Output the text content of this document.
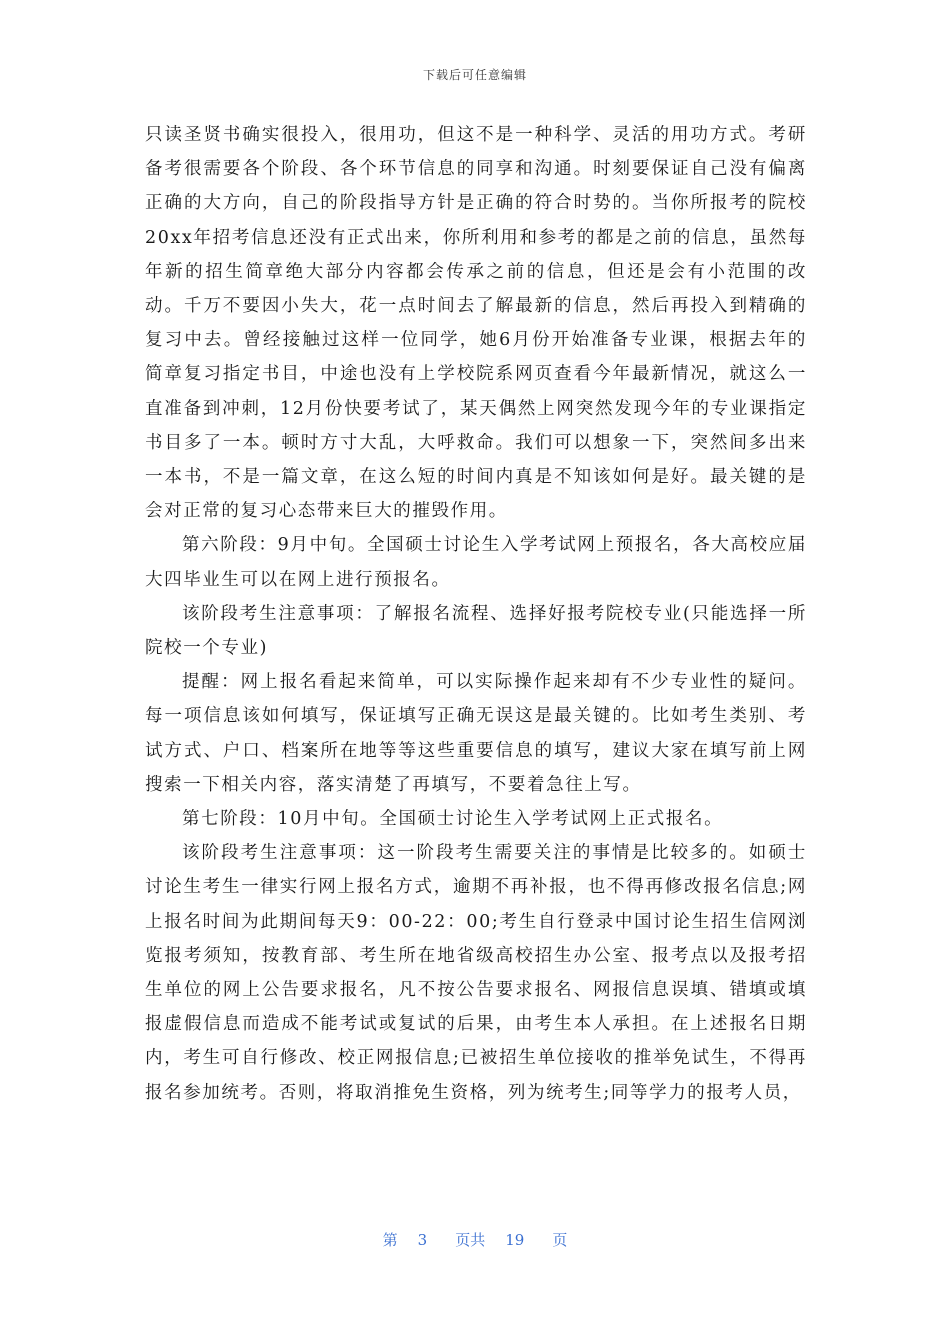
下载后可任意编辑

只读圣贤书确实很投入，很用功，但这不是一种科学、灵活的用功方式。考研备考很需要各个阶段、各个环节信息的同享和沟通。时刻要保证自己没有偏离正确的大方向，自己的阶段指导方针是正确的符合时势的。当你所报考的院校20xx年招考信息还没有正式出来，你所利用和参考的都是之前的信息，虽然每年新的招生简章绝大部分内容都会传承之前的信息，但还是会有小范围的改动。千万不要因小失大，花一点时间去了解最新的信息，然后再投入到精确的复习中去。曾经接触过这样一位同学，她6月份开始准备专业课，根据去年的简章复习指定书目，中途也没有上学校院系网页查看今年最新情况，就这么一直准备到冲刺，12月份快要考试了，某天偶然上网突然发现今年的专业课指定书目多了一本。顿时方寸大乱，大呼救命。我们可以想象一下，突然间多出来一本书，不是一篇文章，在这么短的时间内真是不知该如何是好。最关键的是会对正常的复习心态带来巨大的摧毁作用。

第六阶段：9月中旬。全国硕士讨论生入学考试网上预报名，各大高校应届大四毕业生可以在网上进行预报名。

该阶段考生注意事项：了解报名流程、选择好报考院校专业(只能选择一所院校一个专业)

提醒：网上报名看起来简单，可以实际操作起来却有不少专业性的疑问。每一项信息该如何填写，保证填写正确无误这是最关键的。比如考生类别、考试方式、户口、档案所在地等等这些重要信息的填写，建议大家在填写前上网搜索一下相关内容，落实清楚了再填写，不要着急往上写。

第七阶段：10月中旬。全国硕士讨论生入学考试网上正式报名。

该阶段考生注意事项：这一阶段考生需要关注的事情是比较多的。如硕士讨论生考生一律实行网上报名方式，逾期不再补报，也不得再修改报名信息;网上报名时间为此期间每天9：00-22：00;考生自行登录中国讨论生招生信网浏览报考须知，按教育部、考生所在地省级高校招生办公室、报考点以及报考招生单位的网上公告要求报名，凡不按公告要求报名、网报信息误填、错填或填报虚假信息而造成不能考试或复试的后果，由考生本人承担。在上述报名日期内，考生可自行修改、校正网报信息;已被招生单位接收的推举免试生，不得再报名参加统考。否则，将取消推免生资格，列为统考生;同等学力的报考人员，

第 3 页共 19 页
